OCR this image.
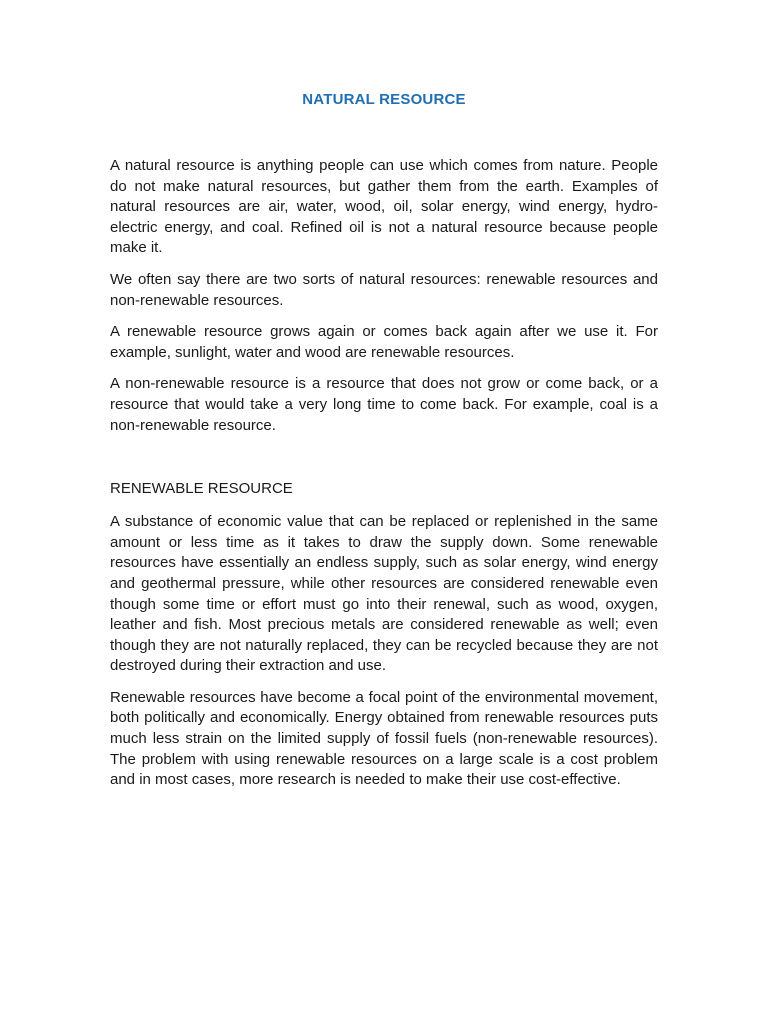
NATURAL RESOURCE

A natural resource is anything people can use which comes from nature. People do not make natural resources, but gather them from the earth. Examples of natural resources are air, water, wood, oil, solar energy, wind energy, hydro-electric energy, and coal. Refined oil is not a natural resource because people make it.

We often say there are two sorts of natural resources: renewable resources and non-renewable resources.

A renewable resource grows again or comes back again after we use it. For example, sunlight, water and wood are renewable resources.

A non-renewable resource is a resource that does not grow or come back, or a resource that would take a very long time to come back. For example, coal is a non-renewable resource.

RENEWABLE RESOURCE

A substance of economic value that can be replaced or replenished in the same amount or less time as it takes to draw the supply down. Some renewable resources have essentially an endless supply, such as solar energy, wind energy and geothermal pressure, while other resources are considered renewable even though some time or effort must go into their renewal, such as wood, oxygen, leather and fish. Most precious metals are considered renewable as well; even though they are not naturally replaced, they can be recycled because they are not destroyed during their extraction and use.

Renewable resources have become a focal point of the environmental movement, both politically and economically. Energy obtained from renewable resources puts much less strain on the limited supply of fossil fuels (non-renewable resources). The problem with using renewable resources on a large scale is a cost problem and in most cases, more research is needed to make their use cost-effective.
